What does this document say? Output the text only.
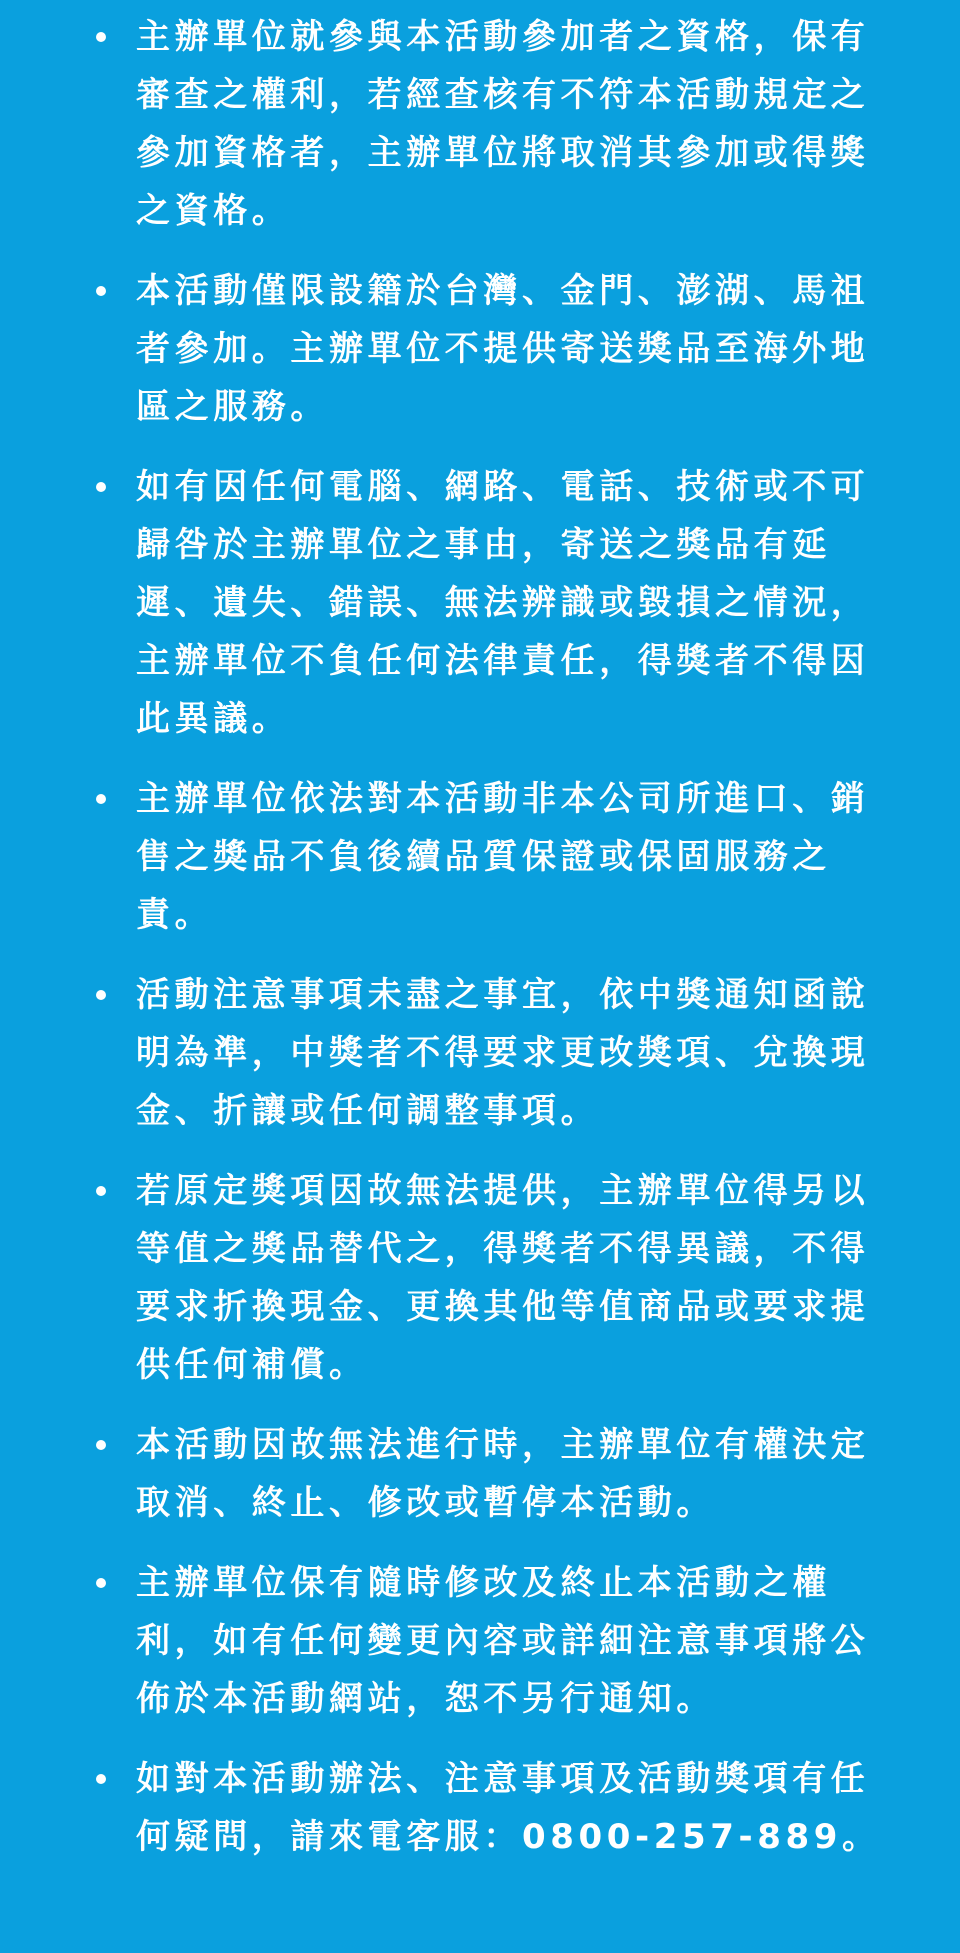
主辦單位就參與本活動參加者之資格，保有審查之權利，若經查核有不符本活動規定之參加資格者，主辦單位將取消其參加或得獎之資格。
本活動僅限設籍於台灣、金門、澎湖、馬祖者參加。主辦單位不提供寄送獎品至海外地區之服務。
如有因任何電腦、網路、電話、技術或不可歸咎於主辦單位之事由，寄送之獎品有延遲、遺失、錯誤、無法辨識或毀損之情況，主辦單位不負任何法律責任，得獎者不得因此異議。
主辦單位依法對本活動非本公司所進口、銷售之獎品不負後續品質保證或保固服務之責。
活動注意事項未盡之事宜，依中獎通知函說明為準，中獎者不得要求更改獎項、兌換現金、折讓或任何調整事項。
若原定獎項因故無法提供，主辦單位得另以等值之獎品替代之，得獎者不得異議，不得要求折換現金、更換其他等值商品或要求提供任何補償。
本活動因故無法進行時，主辦單位有權決定取消、終止、修改或暫停本活動。
主辦單位保有隨時修改及終止本活動之權利，如有任何變更內容或詳細注意事項將公佈於本活動網站，恕不另行通知。
如對本活動辦法、注意事項及活動獎項有任何疑問，請來電客服：0800-257-889。
